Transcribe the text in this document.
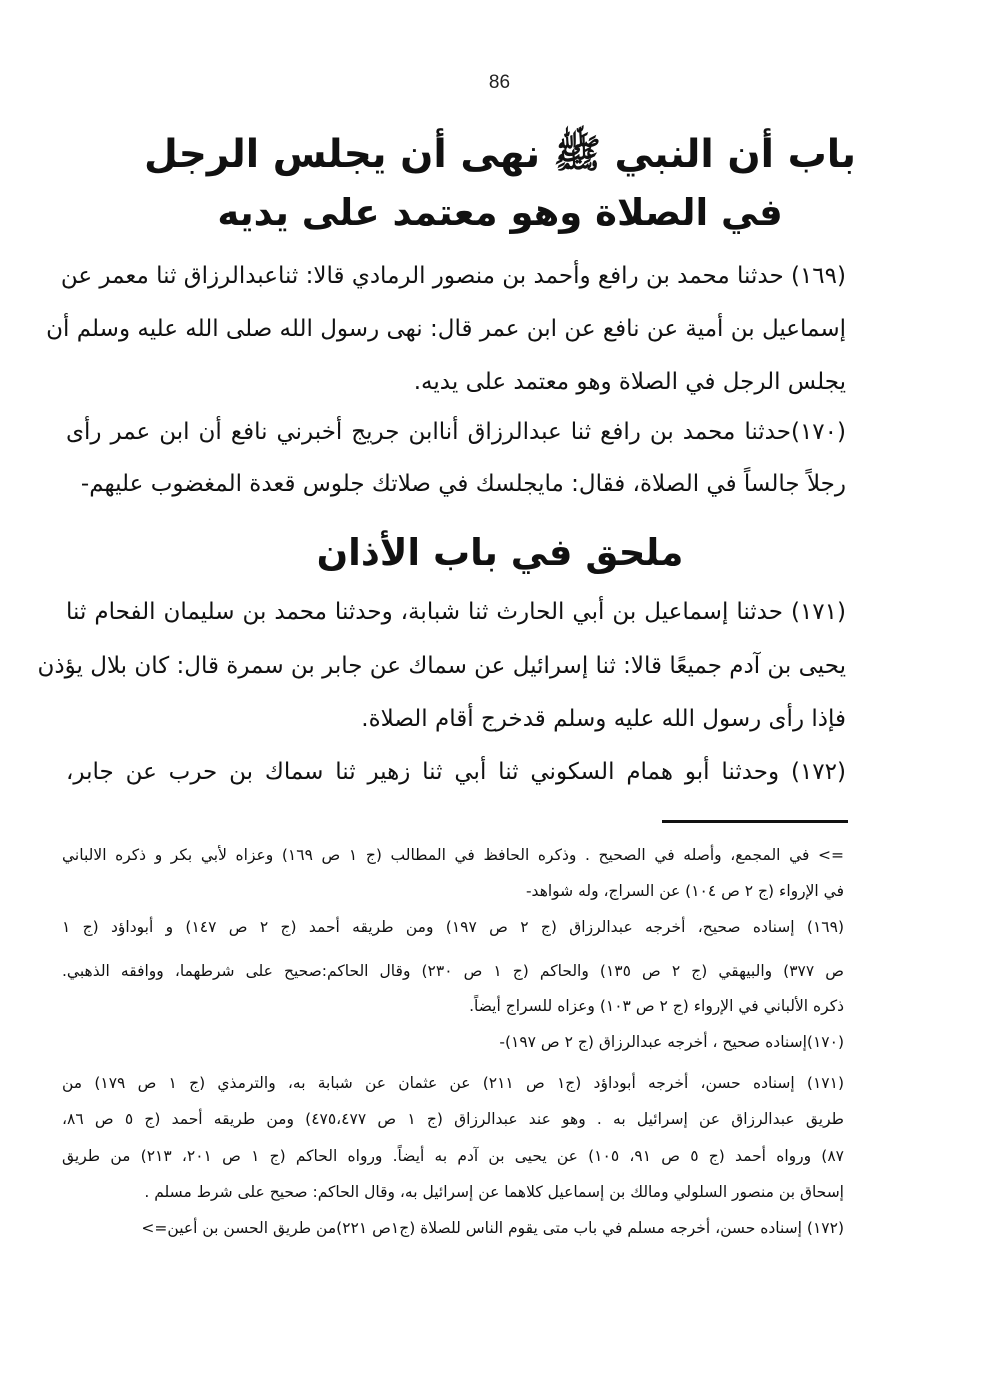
86
باب أن النبي ﷺ نهى أن يجلس الرجل
في الصلاة وهو معتمد على يديه
(١٦٩) حدثنا محمد بن رافع وأحمد بن منصور الرمادي قالا: ثناعبدالرزاق ثنا معمر عن
إسماعيل بن أمية عن نافع عن ابن عمر قال: نهى رسول الله صلى الله عليه وسلم أن
يجلس الرجل في الصلاة وهو معتمد على يديه.
(١٧٠)حدثنا محمد بن رافع ثنا عبدالرزاق أناابن جريج أخبرني نافع أن ابن عمر رأى
رجلاً جالساً في الصلاة، فقال: مايجلسك في صلاتك جلوس قعدة المغضوب عليهم-
ملحق في باب الأذان
(١٧١) حدثنا إسماعيل بن أبي الحارث ثنا شبابة، وحدثنا محمد بن سليمان الفحام ثنا
يحيى بن آدم جميعًا قالا: ثنا إسرائيل عن سماك عن جابر بن سمرة قال: كان بلال يؤذن
فإذا رأى رسول الله عليه وسلم قدخرج أقام الصلاة.
(١٧٢) وحدثنا أبو همام السكوني ثنا أبي ثنا زهير ثنا سماك بن حرب عن جابر،
=> في المجمع، وأصله في الصحيح . وذكره الحافظ في المطالب (ج ١ ص ١٦٩) وعزاه لأبي بكر و ذكره الالباني
في الإرواء (ج ٢ ص ١٠٤) عن السراج، وله شواهد-
(١٦٩) إسناده صحيح، أخرجه عبدالرزاق (ج ٢ ص ١٩٧) ومن طريقه أحمد (ج ٢ ص ١٤٧) و أبوداؤد (ج ١
ص ٣٧٧) والبيهقي (ج ٢ ص ١٣٥) والحاكم (ج ١ ص ٢٣٠) وقال الحاكم:صحيح على شرطهما، ووافقه الذهبي.
ذكره الألباني في الإرواء (ج ٢ ص ١٠٣) وعزاه للسراج أيضاً.
(١٧٠)إسناده صحيح ، أخرجه عبدالرزاق (ج ٢ ص ١٩٧)-
(١٧١) إسناده حسن، أخرجه أبوداؤد (ج١ ص ٢١١) عن عثمان عن شبابة به، والترمذي (ج ١ ص ١٧٩) من
طريق عبدالرزاق عن إسرائيل به . وهو عند عبدالرزاق (ج ١ ص ٤٧٥،٤٧٧) ومن طريقه أحمد (ج ٥ ص ٨٦،
٨٧) ورواه أحمد (ج ٥ ص ٩١، ١٠٥) عن يحيى بن آدم به أيضاً. ورواه الحاكم (ج ١ ص ٢٠١، ٢١٣) من طريق
إسحاق بن منصور السلولي ومالك بن إسماعيل كلاهما عن إسرائيل به، وقال الحاكم: صحيح على شرط مسلم .
(١٧٢) إسناده حسن، أخرجه مسلم في باب متى يقوم الناس للصلاة (ج١ص ٢٢١)من طريق الحسن بن أعين=>
